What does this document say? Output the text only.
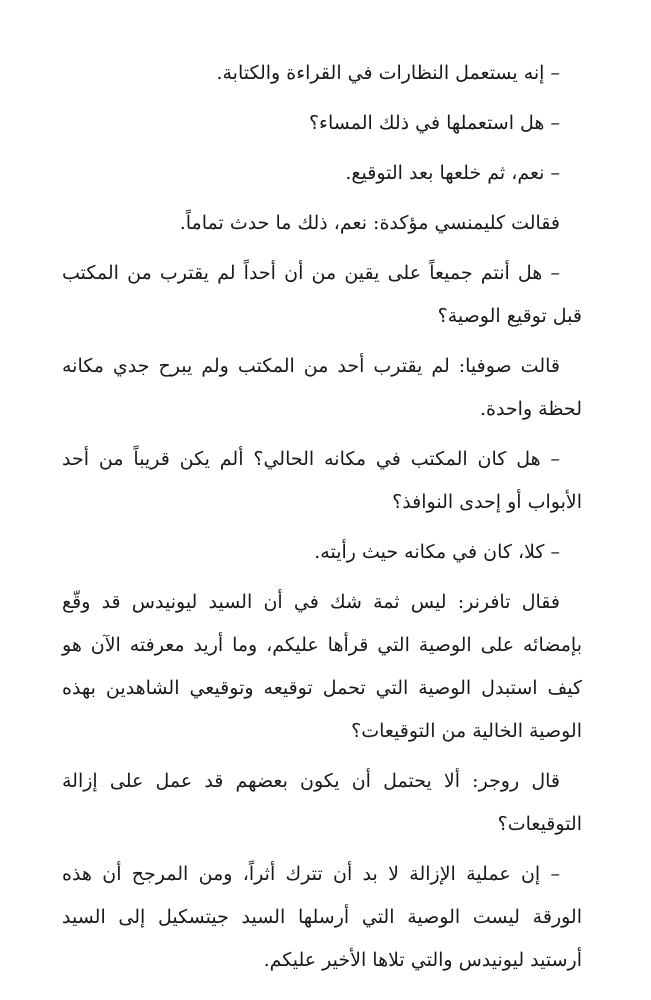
– إنه يستعمل النظارات في القراءة والكتابة.

– هل استعملها في ذلك المساء؟

– نعم، ثم خلعها بعد التوقيع.

فقالت كليمنسي مؤكدة: نعم، ذلك ما حدث تماماً.

– هل أنتم جميعاً على يقين من أن أحداً لم يقترب من المكتب قبل توقيع الوصية؟

قالت صوفيا: لم يقترب أحد من المكتب ولم يبرح جدي مكانه لحظة واحدة.

– هل كان المكتب في مكانه الحالي؟ ألم يكن قريباً من أحد الأبواب أو إحدى النوافذ؟

– كلا، كان في مكانه حيث رأيته.

فقال تافرنر: ليس ثمة شك في أن السيد ليونيدس قد وقّع بإمضائه على الوصية التي قرأها عليكم، وما أريد معرفته الآن هو كيف استبدل الوصية التي تحمل توقيعه وتوقيعي الشاهدين بهذه الوصية الخالية من التوقيعات؟

قال روجر: ألا يحتمل أن يكون بعضهم قد عمل على إزالة التوقيعات؟

– إن عملية الإزالة لا بد أن تترك أثراً، ومن المرجح أن هذه الورقة ليست الوصية التي أرسلها السيد جيتسكيل إلى السيد أرستيد ليونيدس والتي تلاها الأخير عليكم.
